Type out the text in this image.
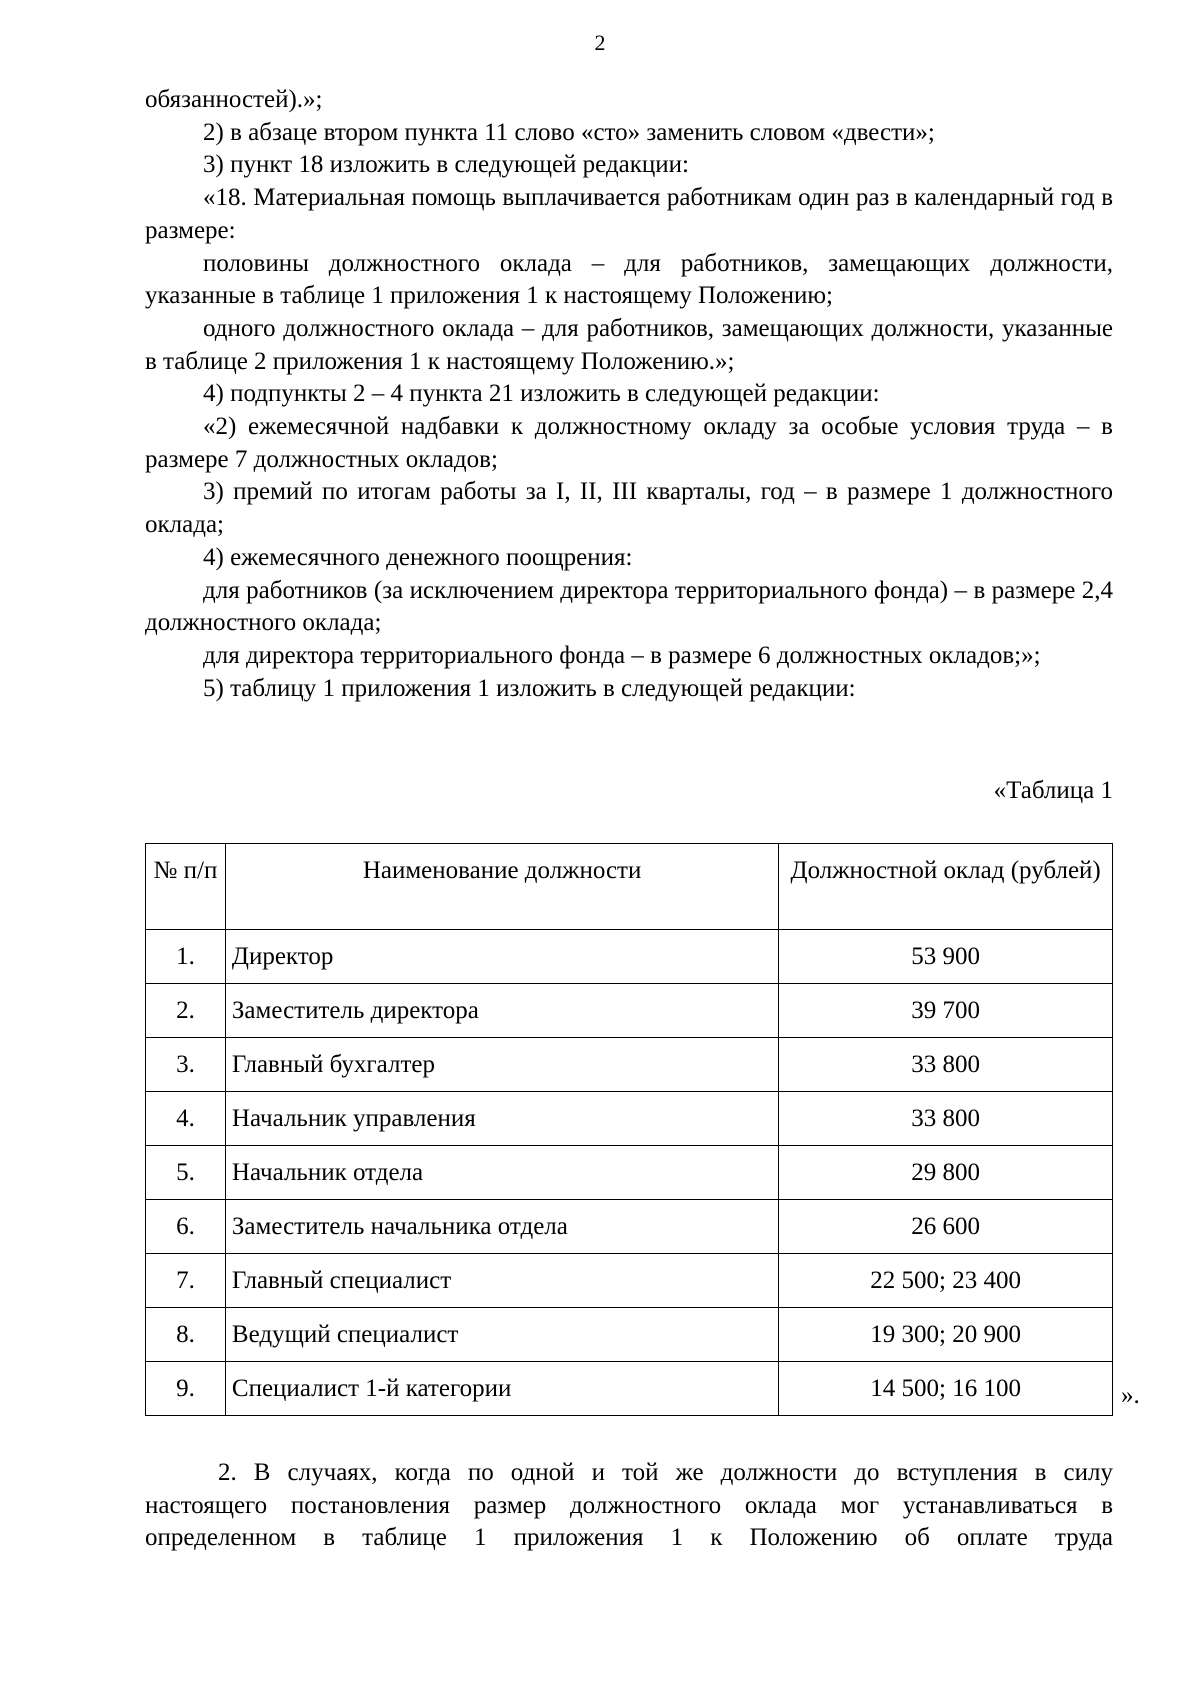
2

обязанностей).»;

2) в абзаце втором пункта 11 слово «сто» заменить словом «двести»;

3) пункт 18 изложить в следующей редакции:

«18. Материальная помощь выплачивается работникам один раз в календарный год в размере:

половины должностного оклада – для работников, замещающих должности, указанные в таблице 1 приложения 1 к настоящему Положению;

одного должностного оклада – для работников, замещающих должности, указанные в таблице 2 приложения 1 к настоящему Положению.»;

4) подпункты 2 – 4 пункта 21 изложить в следующей редакции:

«2) ежемесячной надбавки к должностному окладу за особые условия труда – в размере 7 должностных окладов;

3) премий по итогам работы за I, II, III кварталы, год – в размере 1 должностного оклада;

4) ежемесячного денежного поощрения:

для работников (за исключением директора территориального фонда) – в размере 2,4 должностного оклада;

для директора территориального фонда – в размере 6 должностных окладов;»;

5) таблицу 1 приложения 1 изложить в следующей редакции:

«Таблица 1
№ п/п	Наименование должности	Должностной оклад (рублей)
1.	Директор	53 900
2.	Заместитель директора	39 700
3.	Главный бухгалтер	33 800
4.	Начальник управления	33 800
5.	Начальник отдела	29 800
6.	Заместитель начальника отдела	26 600
7.	Главный специалист	22 500; 23 400
8.	Ведущий специалист	19 300; 20 900
9.	Специалист 1-й категории	14 500; 16 100	».

2. В случаях, когда по одной и той же должности до вступления в силу настоящего постановления размер должностного оклада мог устанавливаться в определенном в таблице 1 приложения 1 к Положению об оплате труда
